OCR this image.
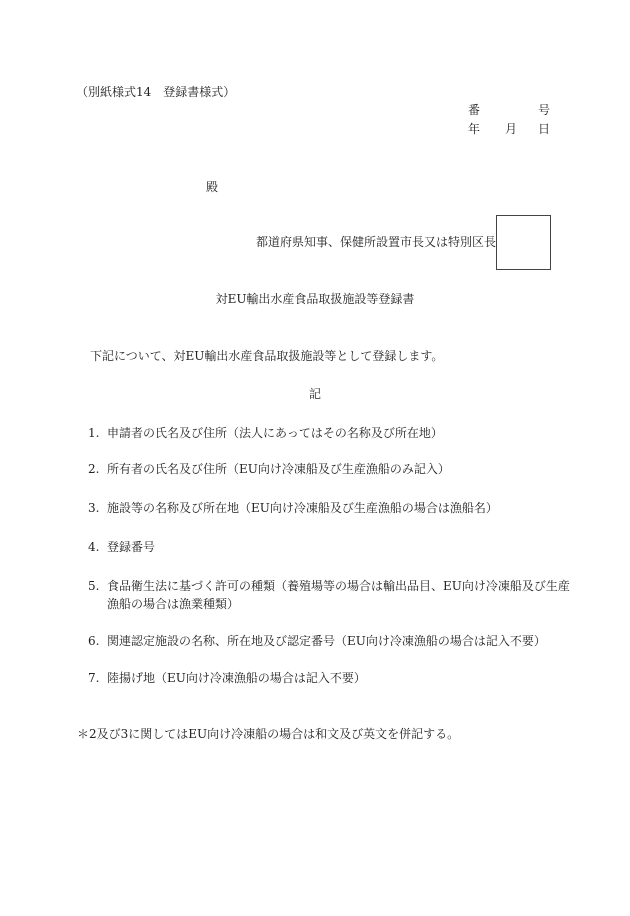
（別紙様式14　登録書様式）
番	号
年 月 日
殿
都道府県知事、保健所設置市長又は特別区長
対EU輸出水産食品取扱施設等登録書
下記について、対EU輸出水産食品取扱施設等として登録します。
記
1. 申請者の氏名及び住所（法人にあってはその名称及び所在地）
2. 所有者の氏名及び住所（EU向け冷凍船及び生産漁船のみ記入）
3. 施設等の名称及び所在地（EU向け冷凍船及び生産漁船の場合は漁船名）
4. 登録番号
5. 食品衛生法に基づく許可の種類（養殖場等の場合は輸出品目、EU向け冷凍船及び生産
漁船の場合は漁業種類）
6. 関連認定施設の名称、所在地及び認定番号（EU向け冷凍漁船の場合は記入不要）
7. 陸揚げ地（EU向け冷凍漁船の場合は記入不要）
＊2及び3に関してはEU向け冷凍船の場合は和文及び英文を併記する。
